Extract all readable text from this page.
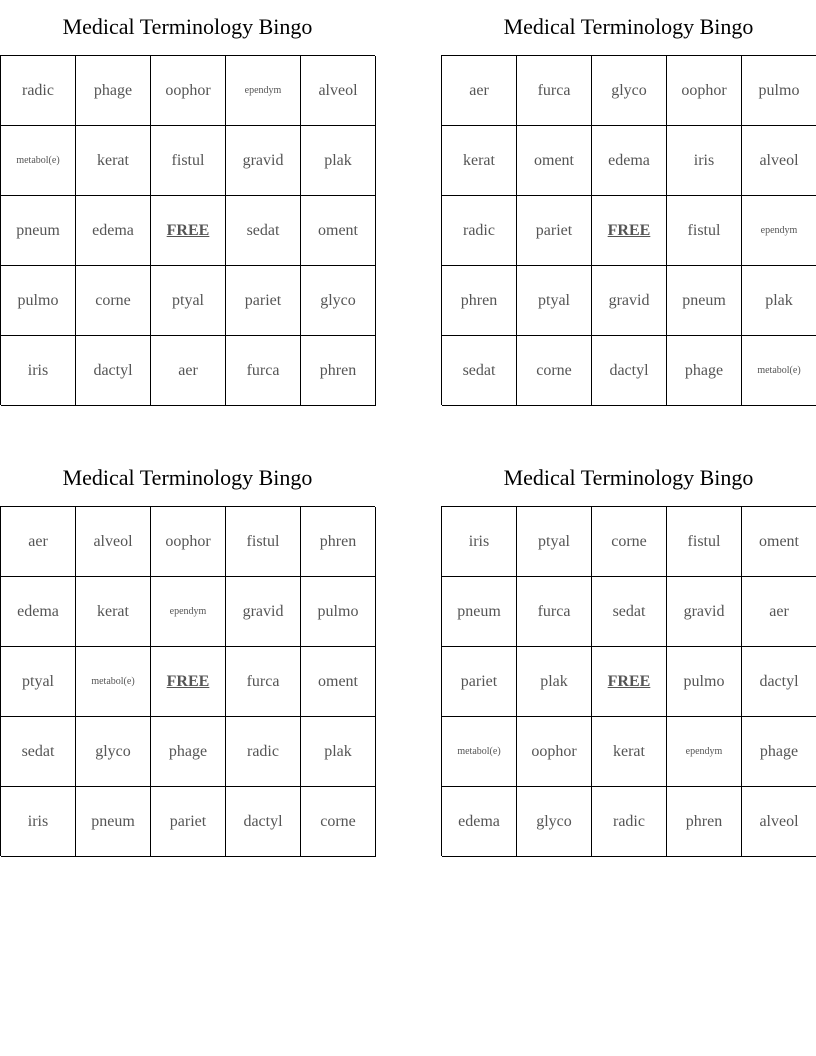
Medical Terminology Bingo
radic	phage	oophor	ependym	alveol
metabol(e)	kerat	fistul	gravid	plak
pneum	edema	FREE	sedat	oment
pulmo	corne	ptyal	pariet	glyco
iris	dactyl	aer	furca	phren
Medical Terminology Bingo
aer	furca	glyco	oophor	pulmo
kerat	oment	edema	iris	alveol
radic	pariet	FREE	fistul	ependym
phren	ptyal	gravid	pneum	plak
sedat	corne	dactyl	phage	metabol(e)
Medical Terminology Bingo
aer	alveol	oophor	fistul	phren
edema	kerat	ependym	gravid	pulmo
ptyal	metabol(e)	FREE	furca	oment
sedat	glyco	phage	radic	plak
iris	pneum	pariet	dactyl	corne
Medical Terminology Bingo
iris	ptyal	corne	fistul	oment
pneum	furca	sedat	gravid	aer
pariet	plak	FREE	pulmo	dactyl
metabol(e)	oophor	kerat	ependym	phage
edema	glyco	radic	phren	alveol
